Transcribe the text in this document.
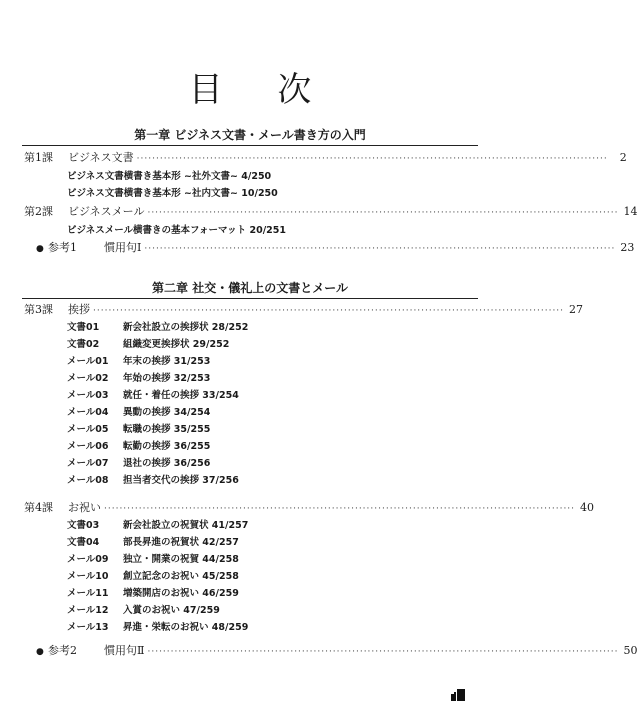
目 次
第一章 ビジネス文書・メール書き方の入門
第1課	ビジネス文書 ··························································································································	2
ビジネス文書横書き基本形 ~社外文書~ 4/250
ビジネス文書横書き基本形 ~社内文書~ 10/250
第2課	ビジネスメール ·························································································································· 14
ビジネスメール横書きの基本フォーマット 20/251
● 参考1	慣用句Ⅰ ·························································································································· 23
第二章 社交・儀礼上の文書とメール
第3課	挨拶 ·························································································································· 27
文書01	新会社設立の挨拶状 28/252
文書02	組織変更挨拶状 29/252
メール01 年末の挨拶 31/253
メール02 年始の挨拶 32/253
メール03 就任・着任の挨拶 33/254
メール04 異動の挨拶 34/254
メール05 転職の挨拶 35/255
メール06 転勤の挨拶 36/255
メール07 退社の挨拶 36/256
メール08 担当者交代の挨拶 37/256
第4課	お祝い ·························································································································· 40
文書03	新会社設立の祝賀状 41/257
文書04	部長昇進の祝賀状 42/257
メール09 独立・開業の祝賀 44/258
メール10 創立記念のお祝い 45/258
メール11 増築開店のお祝い 46/259
メール12 入賞のお祝い 47/259
メール13 昇進・栄転のお祝い 48/259
● 参考2	慣用句Ⅱ ·························································································································· 50
